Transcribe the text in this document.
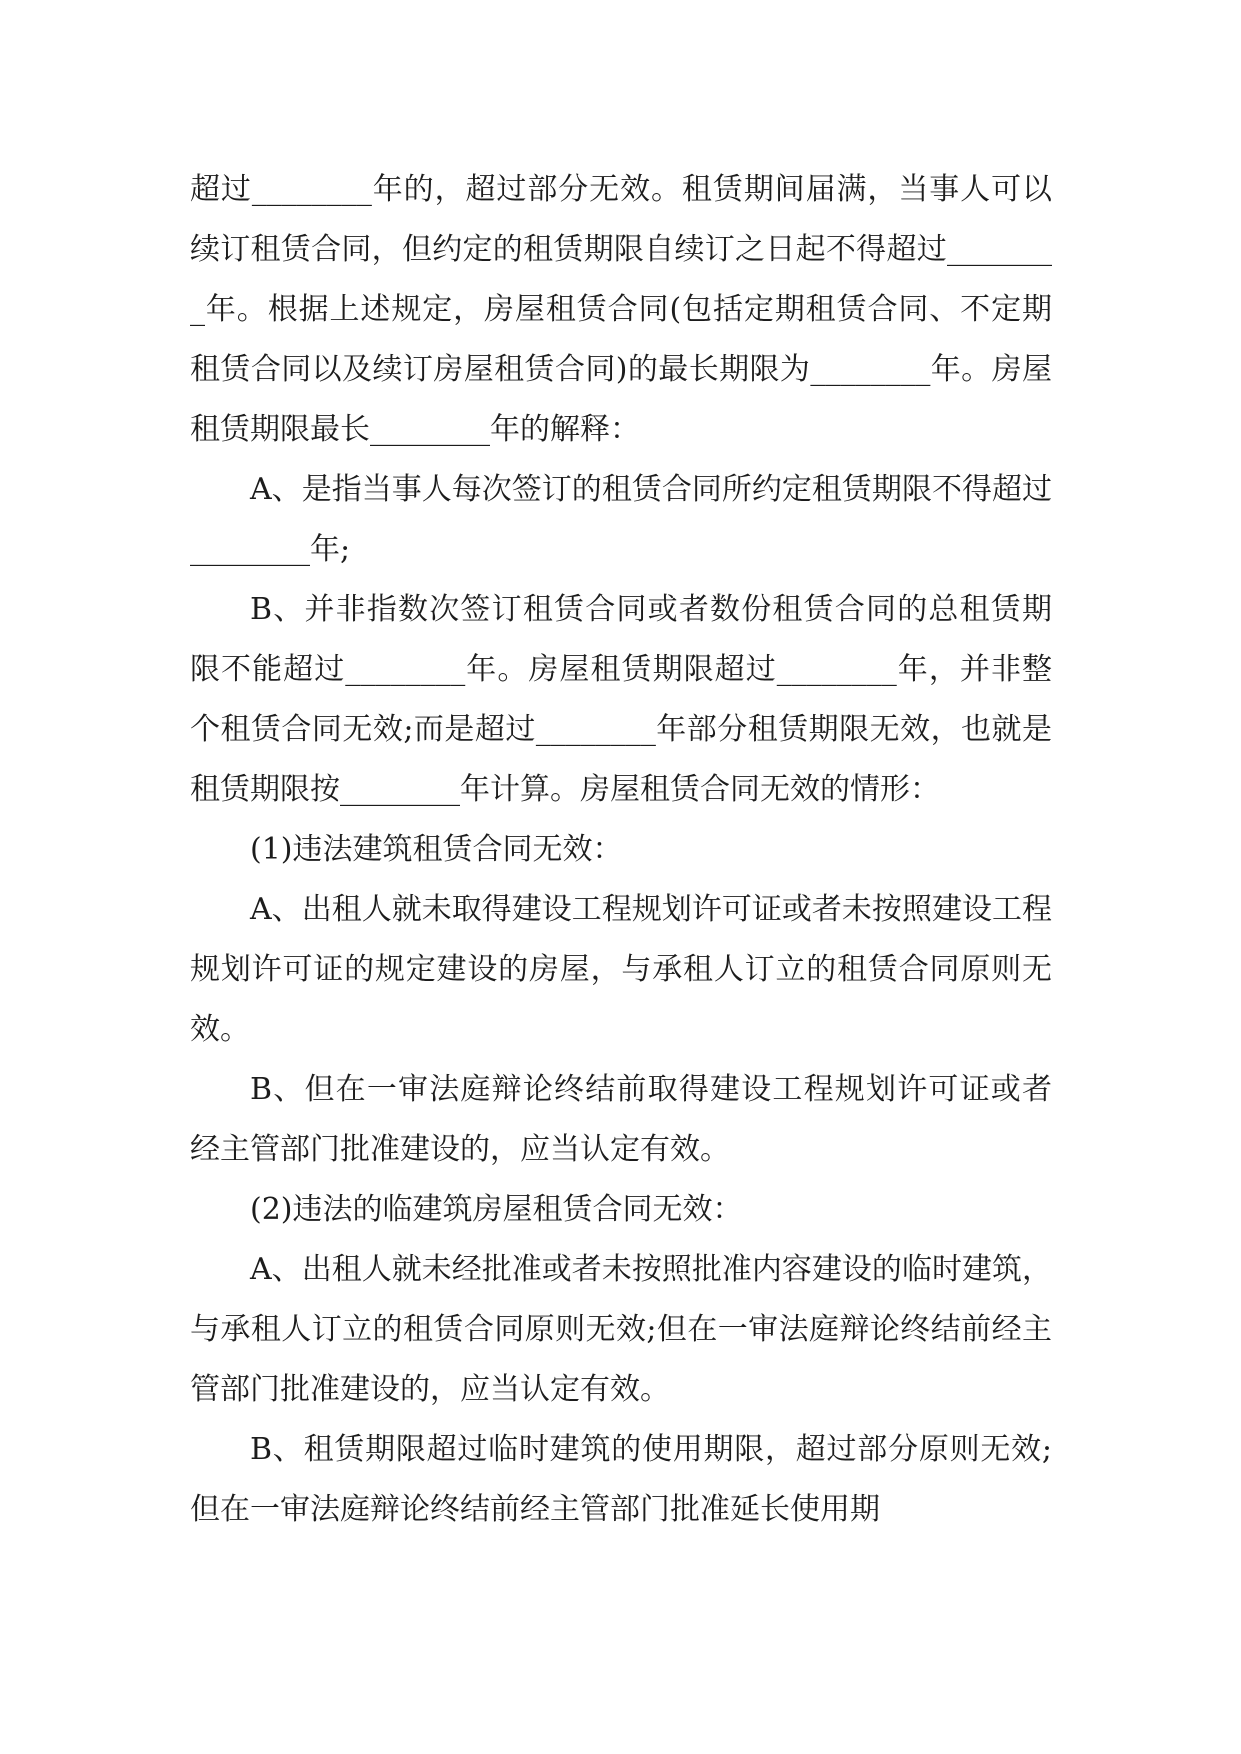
超过________年的，超过部分无效。租赁期间届满，当事人可以续订租赁合同，但约定的租赁期限自续订之日起不得超过________年。根据上述规定，房屋租赁合同(包括定期租赁合同、不定期租赁合同以及续订房屋租赁合同)的最长期限为________年。房屋租赁期限最长________年的解释：

A、是指当事人每次签订的租赁合同所约定租赁期限不得超过________年;

B、并非指数次签订租赁合同或者数份租赁合同的总租赁期限不能超过________年。房屋租赁期限超过________年，并非整个租赁合同无效;而是超过________年部分租赁期限无效，也就是租赁期限按________年计算。房屋租赁合同无效的情形：

(1)违法建筑租赁合同无效：

A、出租人就未取得建设工程规划许可证或者未按照建设工程规划许可证的规定建设的房屋，与承租人订立的租赁合同原则无效。

B、但在一审法庭辩论终结前取得建设工程规划许可证或者经主管部门批准建设的，应当认定有效。

(2)违法的临建筑房屋租赁合同无效：

A、出租人就未经批准或者未按照批准内容建设的临时建筑，与承租人订立的租赁合同原则无效;但在一审法庭辩论终结前经主管部门批准建设的，应当认定有效。

B、租赁期限超过临时建筑的使用期限，超过部分原则无效;但在一审法庭辩论终结前经主管部门批准延长使用期
